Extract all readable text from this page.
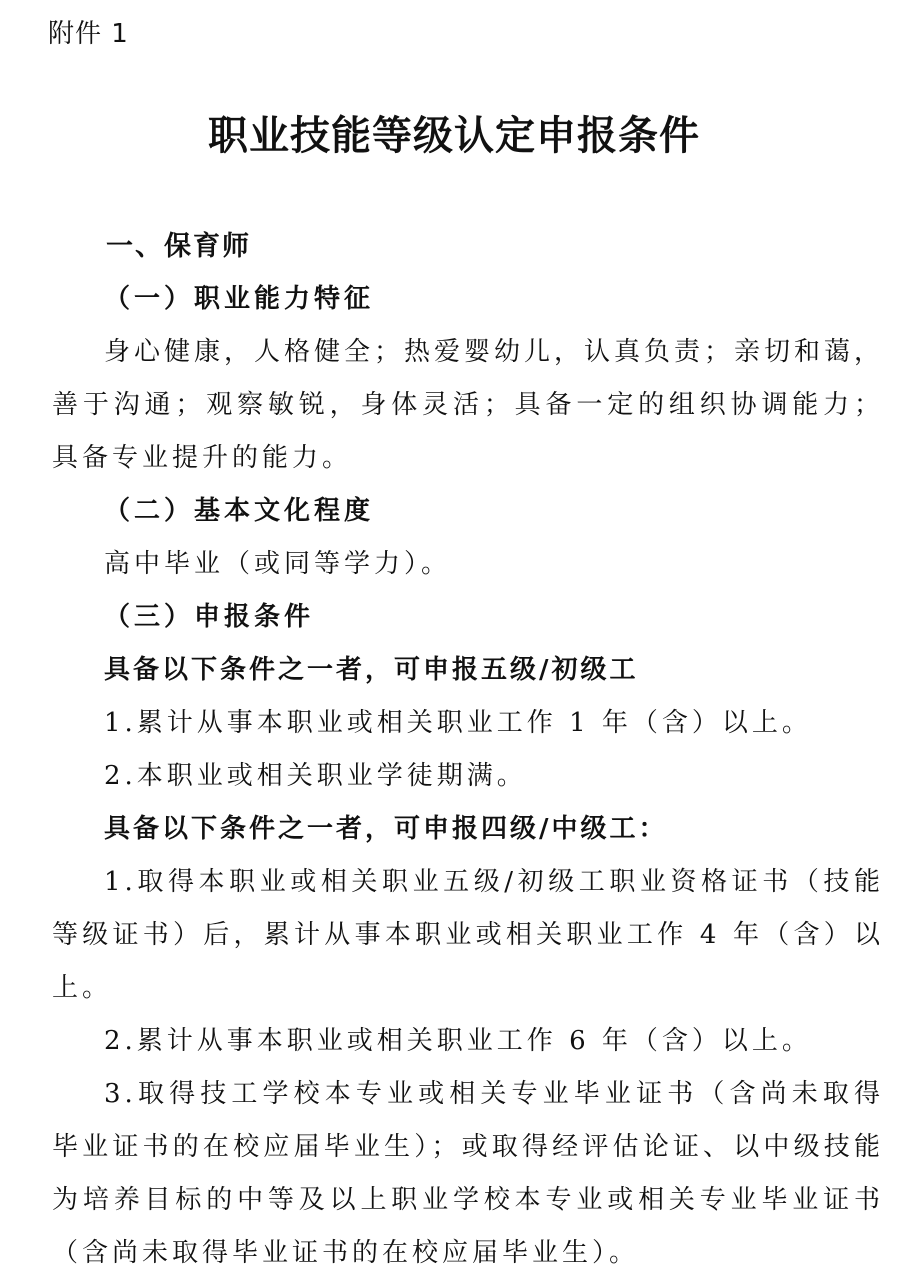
附件 1
职业技能等级认定申报条件

一、保育师

（一）职业能力特征

身心健康，人格健全；热爱婴幼儿，认真负责；亲切和蔼，善于沟通；观察敏锐，身体灵活；具备一定的组织协调能力；具备专业提升的能力。

（二）基本文化程度

高中毕业（或同等学力）。

（三）申报条件

具备以下条件之一者，可申报五级/初级工

1.累计从事本职业或相关职业工作 1 年（含）以上。

2.本职业或相关职业学徒期满。

具备以下条件之一者，可申报四级/中级工：

1.取得本职业或相关职业五级/初级工职业资格证书（技能等级证书）后，累计从事本职业或相关职业工作 4 年（含）以上。

2.累计从事本职业或相关职业工作 6 年（含）以上。

3.取得技工学校本专业或相关专业毕业证书（含尚未取得毕业证书的在校应届毕业生）；或取得经评估论证、以中级技能为培养目标的中等及以上职业学校本专业或相关专业毕业证书（含尚未取得毕业证书的在校应届毕业生）。
